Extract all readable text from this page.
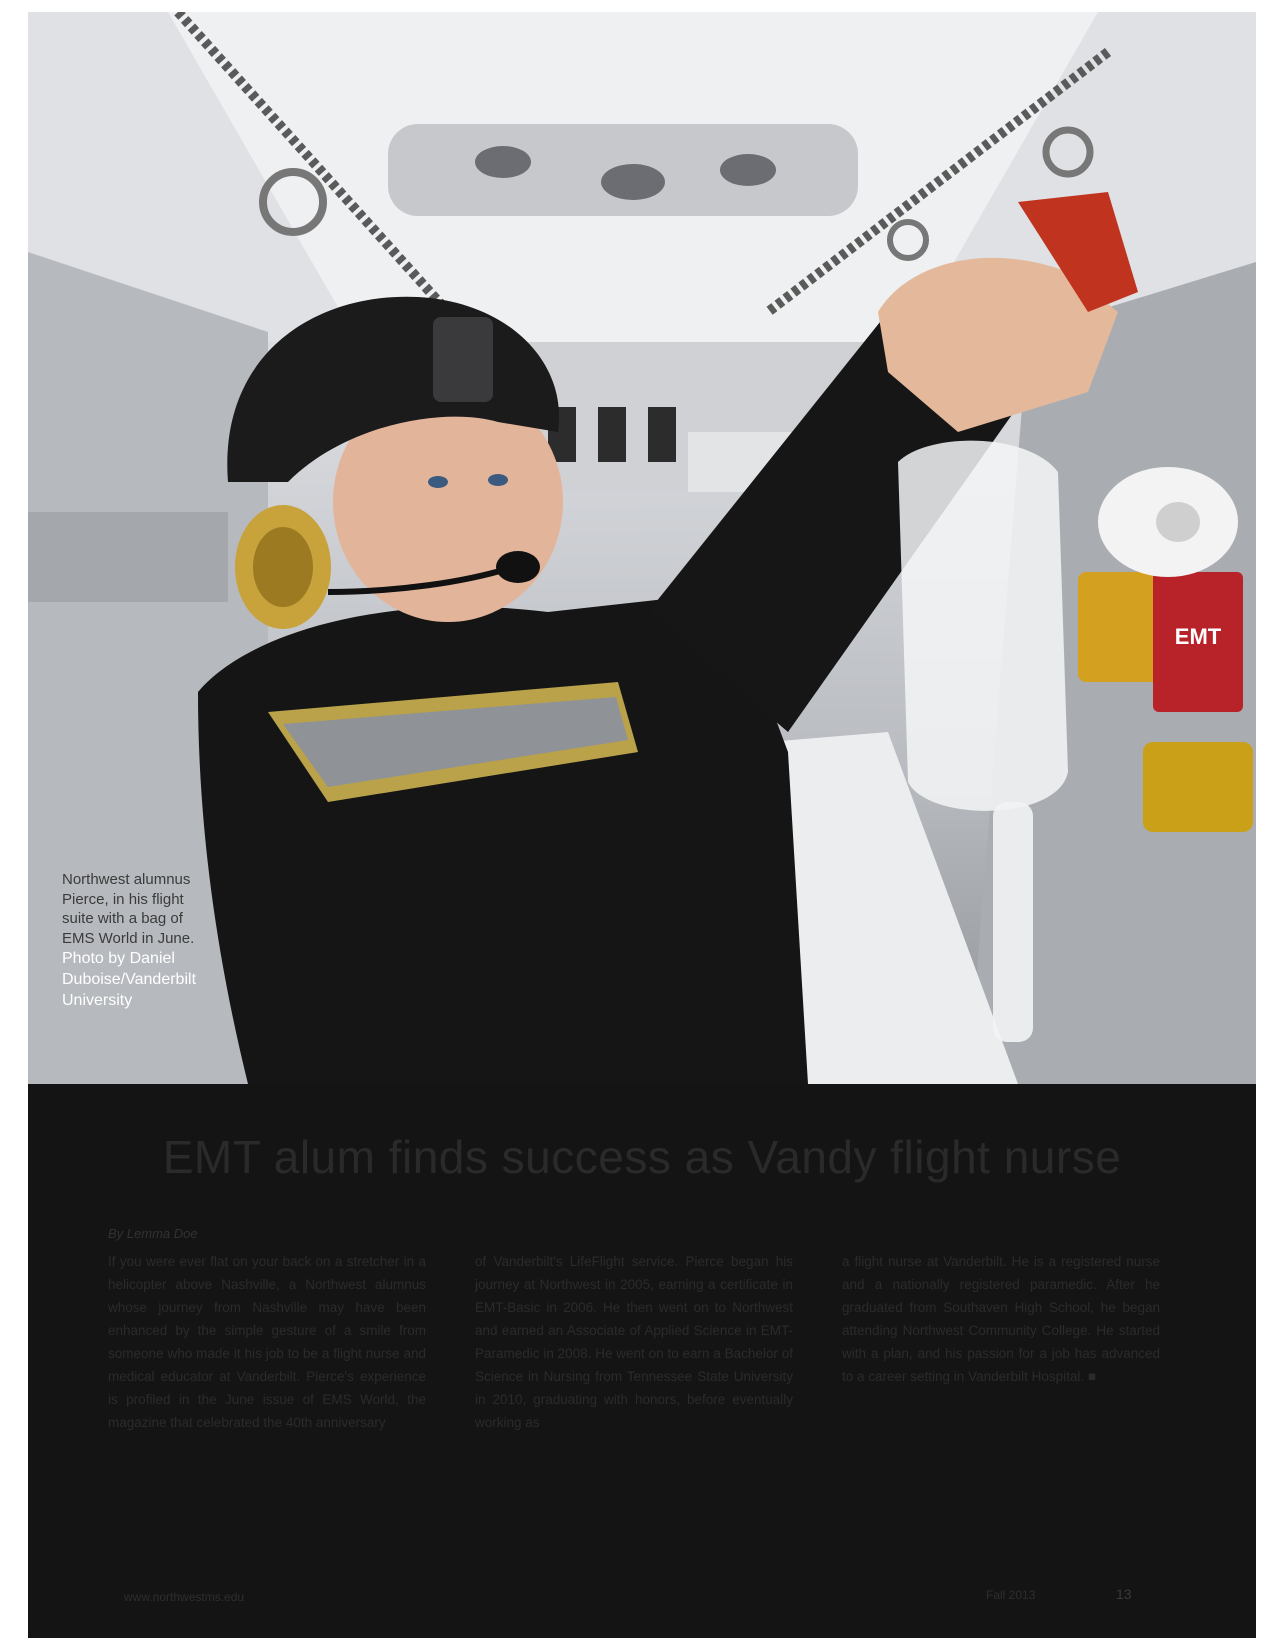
EMT

Northwest alumnus

Pierce, in his flight

suite with a bag of

EMS World in June.

Photo by Daniel Duboise/Vanderbilt University

EMT alum finds success as Vandy flight nurse
By Lemma Doe

If you were ever flat on your back on a stretcher in a helicopter above Nashville, a Northwest alumnus whose journey from Nashville may have been enhanced by the simple gesture of a smile from someone who made it his job to be a flight nurse and medical educator at Vanderbilt. Pierce's experience is profiled in the June issue of EMS World, the magazine that celebrated the 40th anniversary

of Vanderbilt's LifeFlight service. Pierce began his journey at Northwest in 2005, earning a certificate in EMT-Basic in 2006. He then went on to Northwest and earned an Associate of Applied Science in EMT-Paramedic in 2008. He went on to earn a Bachelor of Science in Nursing from Tennessee State University in 2010, graduating with honors, before eventually working as

a flight nurse at Vanderbilt. He is a registered nurse and a nationally registered paramedic. After he graduated from Southaven High School, he began attending Northwest Community College. He started with a plan, and his passion for a job has advanced to a career setting in Vanderbilt Hospital. ■

www.northwestms.edu	Fall 2013	13
